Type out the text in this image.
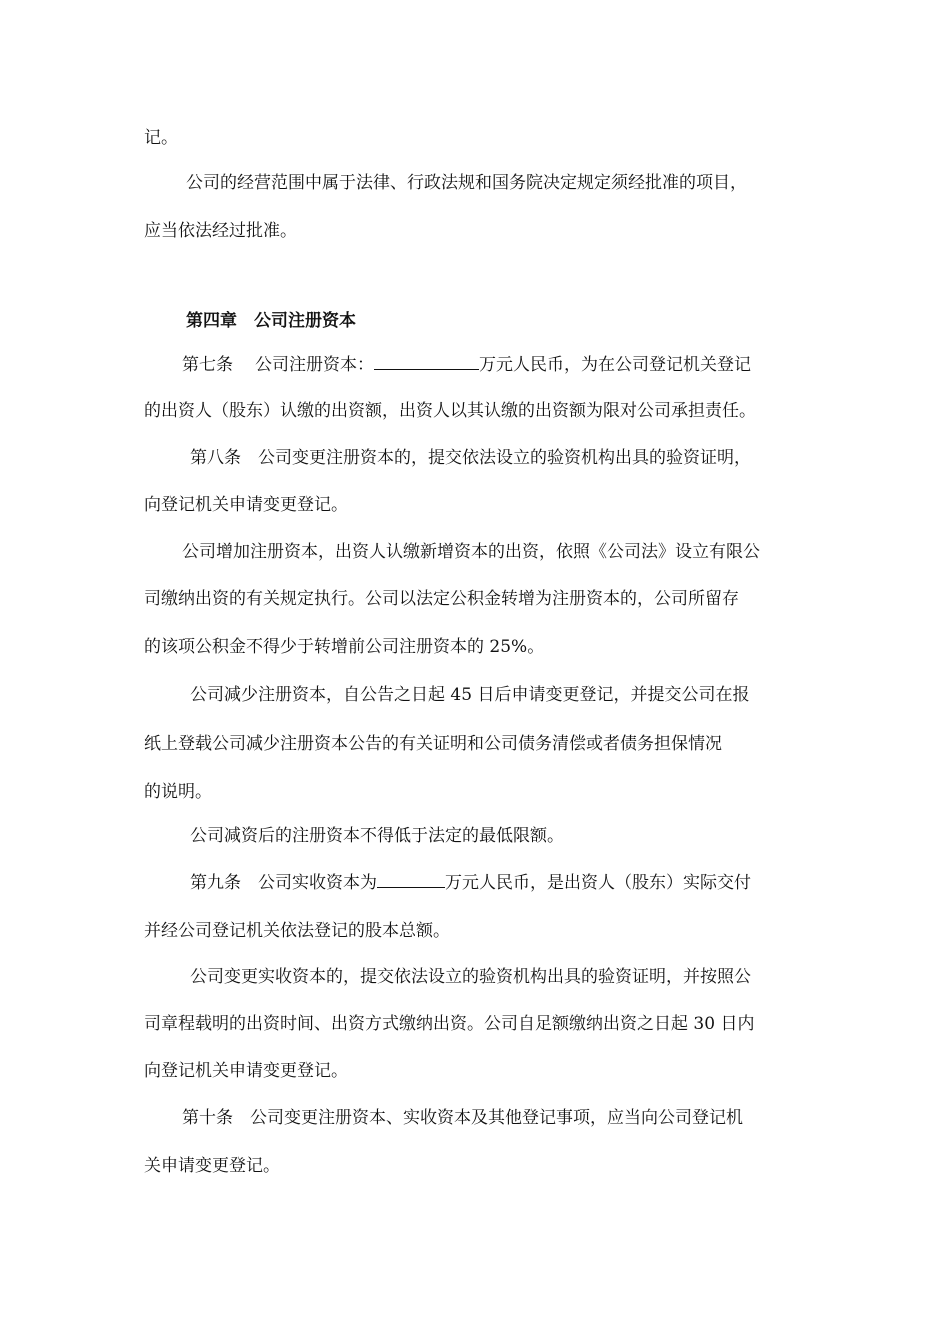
记。
公司的经营范围中属于法律、行政法规和国务院决定规定须经批准的项目，
应当依法经过批准。
第四章　公司注册资本
第七条 公司注册资本：	万元人民币，为在公司登记机关登记
的出资人（股东）认缴的出资额，出资人以其认缴的出资额为限对公司承担责任。
第八条　公司变更注册资本的，提交依法设立的验资机构出具的验资证明，
向登记机关申请变更登记。
公司增加注册资本，出资人认缴新增资本的出资，依照《公司法》设立有限公
司缴纳出资的有关规定执行。公司以法定公积金转增为注册资本的，公司所留存
的该项公积金不得少于转增前公司注册资本的 25%。
公司减少注册资本，自公告之日起 45 日后申请变更登记，并提交公司在报
纸上登载公司减少注册资本公告的有关证明和公司债务清偿或者债务担保情况
的说明。
公司减资后的注册资本不得低于法定的最低限额。
第九条　公司实收资本为	万元人民币，是出资人（股东）实际交付
并经公司登记机关依法登记的股本总额。
公司变更实收资本的，提交依法设立的验资机构出具的验资证明，并按照公
司章程载明的出资时间、出资方式缴纳出资。公司自足额缴纳出资之日起 30 日内
向登记机关申请变更登记。
第十条　公司变更注册资本、实收资本及其他登记事项，应当向公司登记机
关申请变更登记。
